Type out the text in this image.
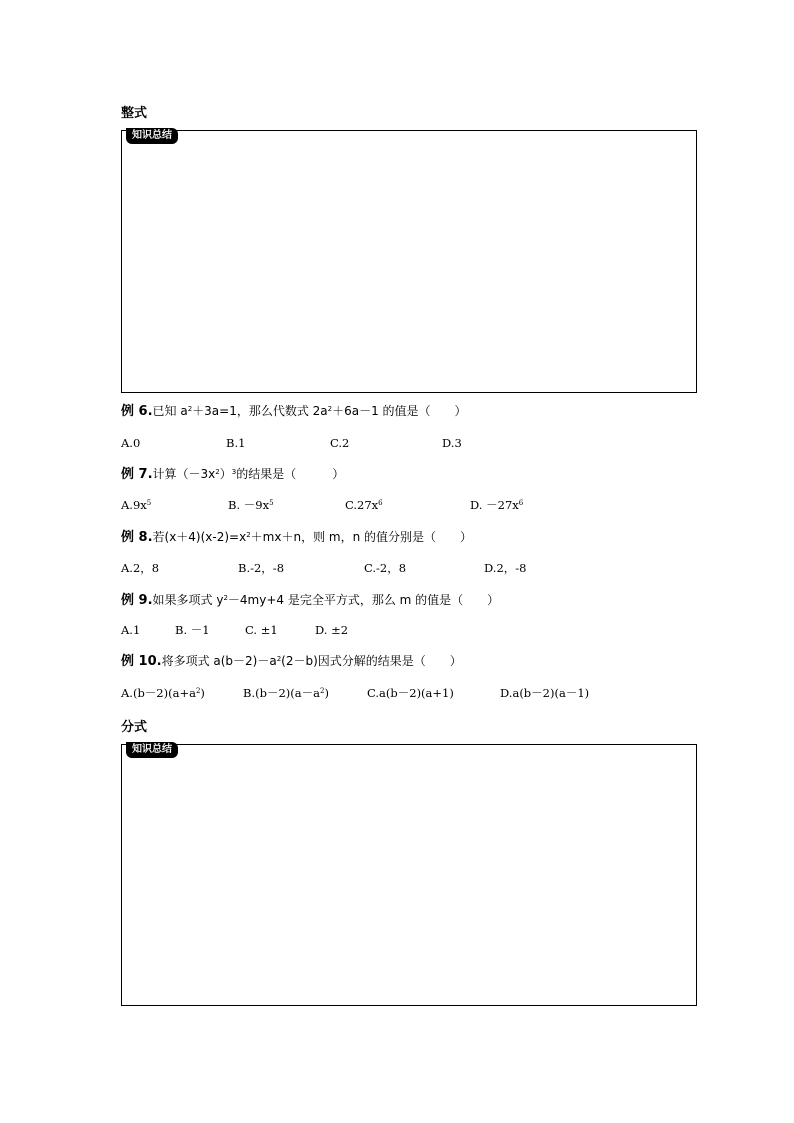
整式
知识总结
例 6.已知 $a^2+3a=1$，那么代数式 $2a^2+6a-1$ 的值是（　　）
A.0	B.1	C.2	D.3
例 7.计算$(-3x^2)^3$的结果是（　　　）
$A.9x^5$	B. $-9x^5$	$C.27x^6$	D. $-27x^6$
例 8.若$(x+4)(x-2)=x^2+mx+n$，则 m，n 的值分别是（　　）
A.2，8	B.-2，-8	C.-2，8	D.2，-8
例 9.如果多项式 $y^2-4my+4$ 是完全平方式，那么 m 的值是（　　）
A.1	B. －1	C. ±1	D. ±2
例 10.将多项式 $a(b-2)-a^2(2-b)$因式分解的结果是（　　）
$A.(b-2)(a+a^2)$	$B.(b-2)(a-a^2)$	C.a(b－2)(a+1)	D.a(b－2)(a－1)
分式
知识总结
